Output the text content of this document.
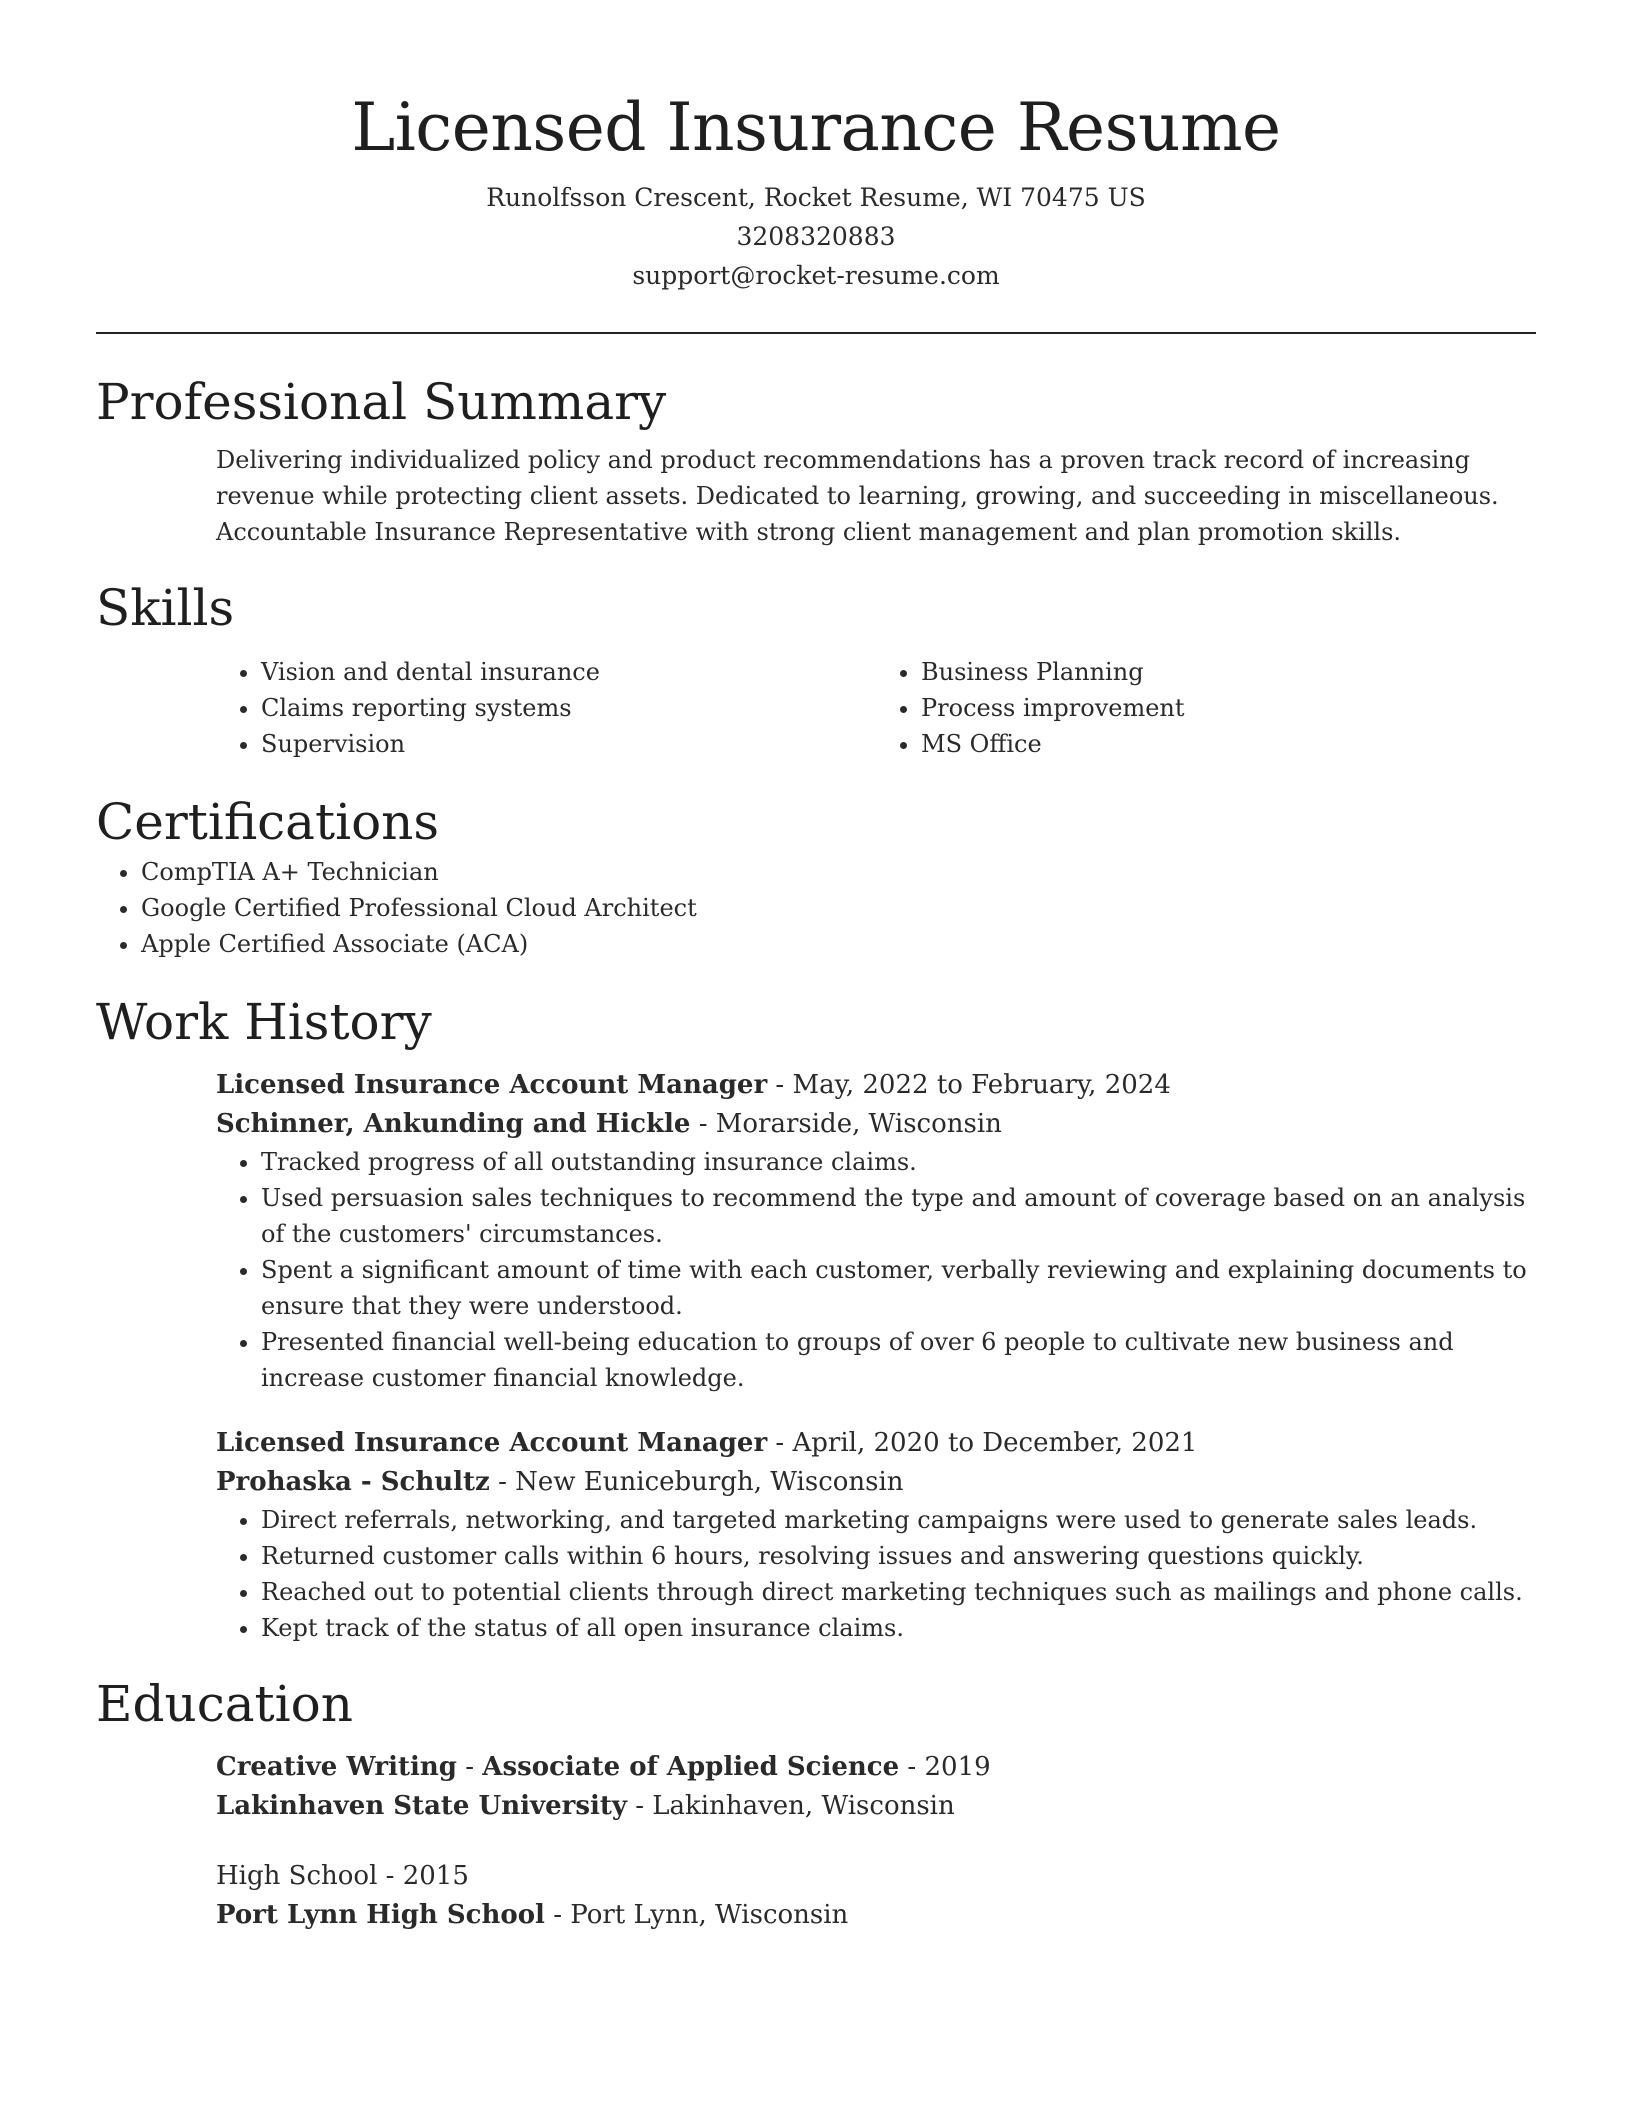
Licensed Insurance Resume
Runolfsson Crescent, Rocket Resume, WI 70475 US
3208320883
support@rocket-resume.com
Professional Summary
Delivering individualized policy and product recommendations has a proven track record of increasing revenue while protecting client assets. Dedicated to learning, growing, and succeeding in miscellaneous. Accountable Insurance Representative with strong client management and plan promotion skills.
Skills
• Vision and dental insurance
• Claims reporting systems
• Supervision
• Business Planning
• Process improvement
• MS Office
Certifications
• CompTIA A+ Technician
• Google Certified Professional Cloud Architect
• Apple Certified Associate (ACA)
Work History
Licensed Insurance Account Manager - May, 2022 to February, 2024
Schinner, Ankunding and Hickle - Morarside, Wisconsin
• Tracked progress of all outstanding insurance claims.
• Used persuasion sales techniques to recommend the type and amount of coverage based on an analysis of the customers' circumstances.
• Spent a significant amount of time with each customer, verbally reviewing and explaining documents to ensure that they were understood.
• Presented financial well-being education to groups of over 6 people to cultivate new business and increase customer financial knowledge.
Licensed Insurance Account Manager - April, 2020 to December, 2021
Prohaska - Schultz - New Euniceburgh, Wisconsin
• Direct referrals, networking, and targeted marketing campaigns were used to generate sales leads.
• Returned customer calls within 6 hours, resolving issues and answering questions quickly.
• Reached out to potential clients through direct marketing techniques such as mailings and phone calls.
• Kept track of the status of all open insurance claims.
Education
Creative Writing - Associate of Applied Science - 2019
Lakinhaven State University - Lakinhaven, Wisconsin
High School - 2015
Port Lynn High School - Port Lynn, Wisconsin
